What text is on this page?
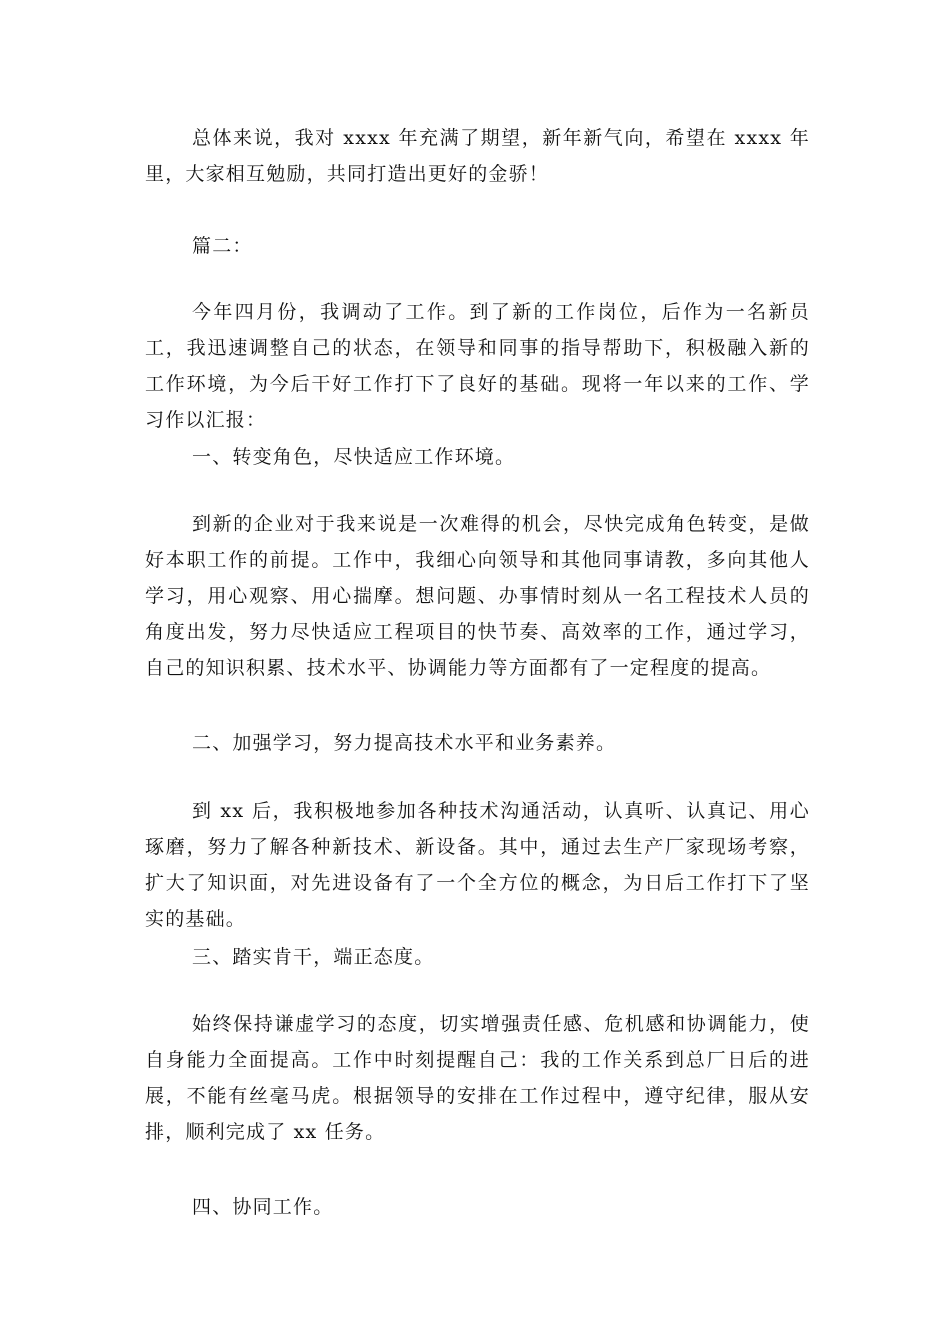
总体来说，我对 xxxx 年充满了期望，新年新气向，希望在 xxxx 年里，大家相互勉励，共同打造出更好的金骄！

篇二：

今年四月份，我调动了工作。到了新的工作岗位，后作为一名新员工，我迅速调整自己的状态，在领导和同事的指导帮助下，积极融入新的工作环境，为今后干好工作打下了良好的基础。现将一年以来的工作、学习作以汇报：

一、转变角色，尽快适应工作环境。

到新的企业对于我来说是一次难得的机会，尽快完成角色转变，是做好本职工作的前提。工作中，我细心向领导和其他同事请教，多向其他人学习，用心观察、用心揣摩。想问题、办事情时刻从一名工程技术人员的角度出发，努力尽快适应工程项目的快节奏、高效率的工作，通过学习，自己的知识积累、技术水平、协调能力等方面都有了一定程度的提高。

二、加强学习，努力提高技术水平和业务素养。

到 xx 后，我积极地参加各种技术沟通活动，认真听、认真记、用心琢磨，努力了解各种新技术、新设备。其中，通过去生产厂家现场考察，扩大了知识面，对先进设备有了一个全方位的概念，为日后工作打下了坚实的基础。

三、踏实肯干，端正态度。

始终保持谦虚学习的态度，切实增强责任感、危机感和协调能力，使自身能力全面提高。工作中时刻提醒自己：我的工作关系到总厂日后的进展，不能有丝毫马虎。根据领导的安排在工作过程中，遵守纪律，服从安排，顺利完成了 xx 任务。

四、协同工作。
